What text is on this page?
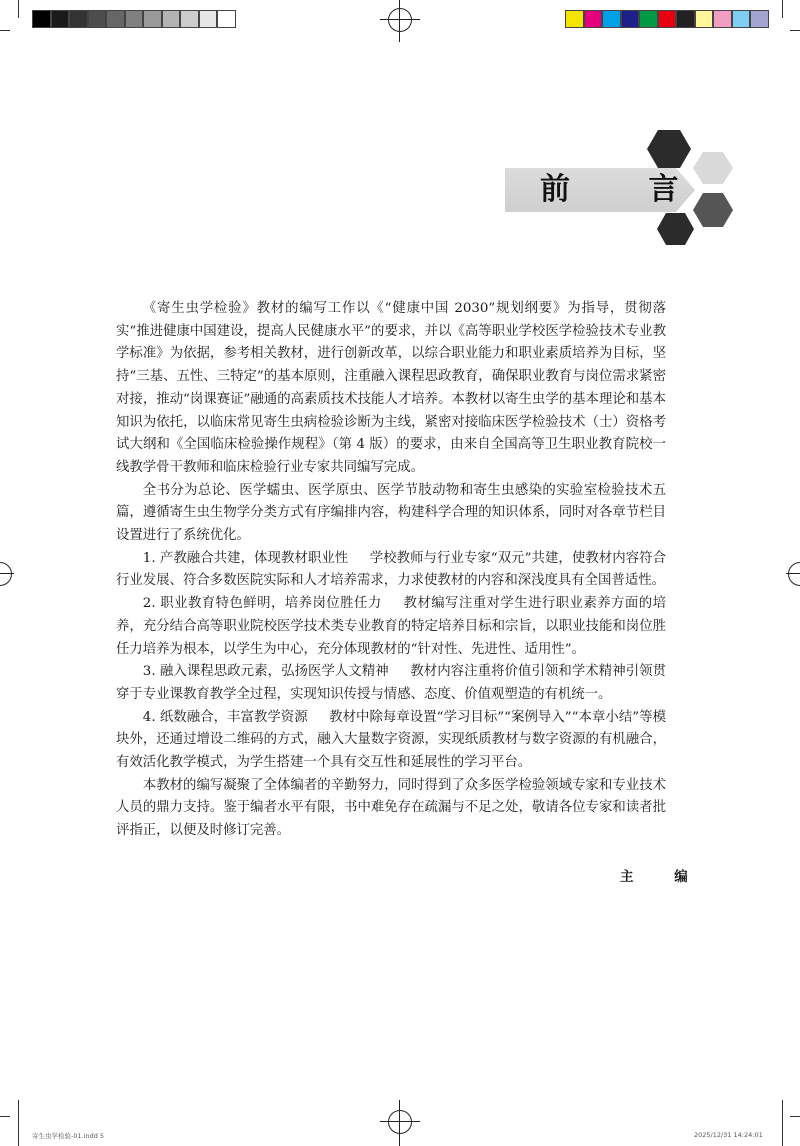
前 言

《寄生虫学检验》教材的编写工作以《“健康中国 2030”规划纲要》为指导，贯彻落实“推进健康中国建设，提高人民健康水平”的要求，并以《高等职业学校医学检验技术专业教学标准》为依据，参考相关教材，进行创新改革，以综合职业能力和职业素质培养为目标，坚持“三基、五性、三特定”的基本原则，注重融入课程思政教育，确保职业教育与岗位需求紧密对接，推动“岗课赛证”融通的高素质技术技能人才培养。本教材以寄生虫学的基本理论和基本知识为依托，以临床常见寄生虫病检验诊断为主线，紧密对接临床医学检验技术（士）资格考试大纲和《全国临床检验操作规程》（第 4 版）的要求，由来自全国高等卫生职业教育院校一线教学骨干教师和临床检验行业专家共同编写完成。

全书分为总论、医学蠕虫、医学原虫、医学节肢动物和寄生虫感染的实验室检验技术五篇，遵循寄生虫生物学分类方式有序编排内容，构建科学合理的知识体系，同时对各章节栏目设置进行了系统优化。

1. 产教融合共建，体现教材职业性 学校教师与行业专家“双元”共建，使教材内容符合行业发展、符合多数医院实际和人才培养需求，力求使教材的内容和深浅度具有全国普适性。

2. 职业教育特色鲜明，培养岗位胜任力 教材编写注重对学生进行职业素养方面的培养，充分结合高等职业院校医学技术类专业教育的特定培养目标和宗旨，以职业技能和岗位胜任力培养为根本，以学生为中心，充分体现教材的“针对性、先进性、适用性”。

3. 融入课程思政元素，弘扬医学人文精神 教材内容注重将价值引领和学术精神引领贯穿于专业课教育教学全过程，实现知识传授与情感、态度、价值观塑造的有机统一。

4. 纸数融合，丰富教学资源 教材中除每章设置“学习目标”“案例导入”“本章小结”等模块外，还通过增设二维码的方式，融入大量数字资源，实现纸质教材与数字资源的有机融合，有效活化教学模式，为学生搭建一个具有交互性和延展性的学习平台。

本教材的编写凝聚了全体编者的辛勤努力，同时得到了众多医学检验领域专家和专业技术人员的鼎力支持。鉴于编者水平有限，书中难免存在疏漏与不足之处，敬请各位专家和读者批评指正，以便及时修订完善。

主 编
寄生虫学检验-01.indd 5	2025/12/31 14:24:01
